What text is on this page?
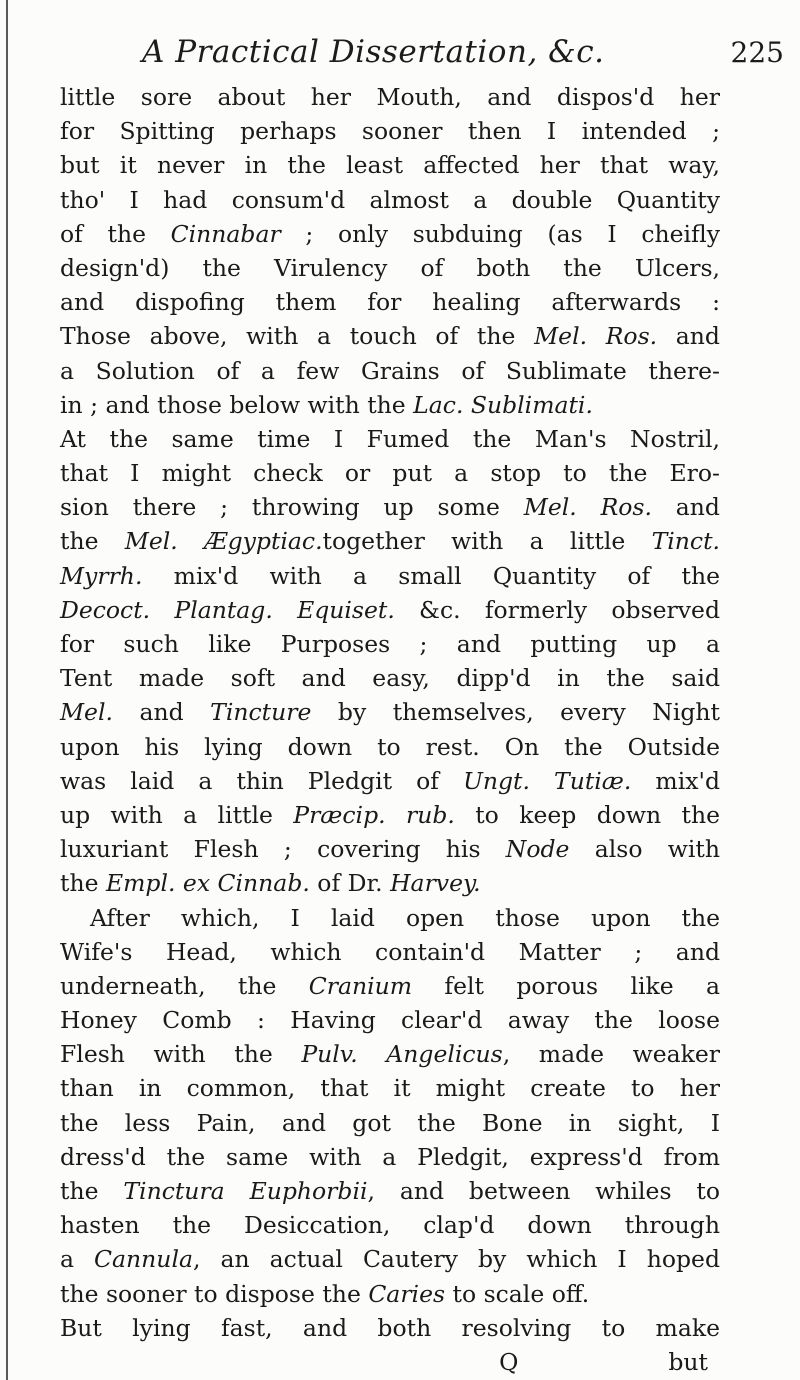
A Practical Dissertation, &c.	225
little sore about her Mouth, and dispos'd her
for Spitting perhaps sooner then I intended ;
but it never in the least affected her that way,
tho' I had consum'd almost a double Quantity
of the Cinnabar ; only subduing (as I cheifly
design'd) the Virulency of both the Ulcers,
and dispofing them for healing afterwards :
Those above, with a touch of the Mel. Ros. and
a Solution of a few Grains of Sublimate there-
in ; and those below with the Lac. Sublimati.
At the same time I Fumed the Man's Nostril,
that I might check or put a stop to the Ero-
sion there ; throwing up some Mel. Ros. and
the Mel. Ægyptiac.together with a little Tinct.
Myrrh. mix'd with a small Quantity of the
Decoct. Plantag. Equiset. &c. formerly observed
for such like Purposes ; and putting up a
Tent made soft and easy, dipp'd in the said
Mel. and Tincture by themselves, every Night
upon his lying down to rest. On the Outside
was laid a thin Pledgit of Ungt. Tutiæ. mix'd
up with a little Præcip. rub. to keep down the
luxuriant Flesh ; covering his Node also with
the Empl. ex Cinnab. of Dr. Harvey.
After which, I laid open those upon the
Wife's Head, which contain'd Matter ; and
underneath, the Cranium felt porous like a
Honey Comb : Having clear'd away the loose
Flesh with the Pulv. Angelicus, made weaker
than in common, that it might create to her
the less Pain, and got the Bone in sight, I
dress'd the same with a Pledgit, express'd from
the Tinctura Euphorbii, and between whiles to
hasten the Desiccation, clap'd down through
a Cannula, an actual Cautery by which I hoped
the sooner to dispose the Caries to scale off.
But lying fast, and both resolving to make
Q	but
